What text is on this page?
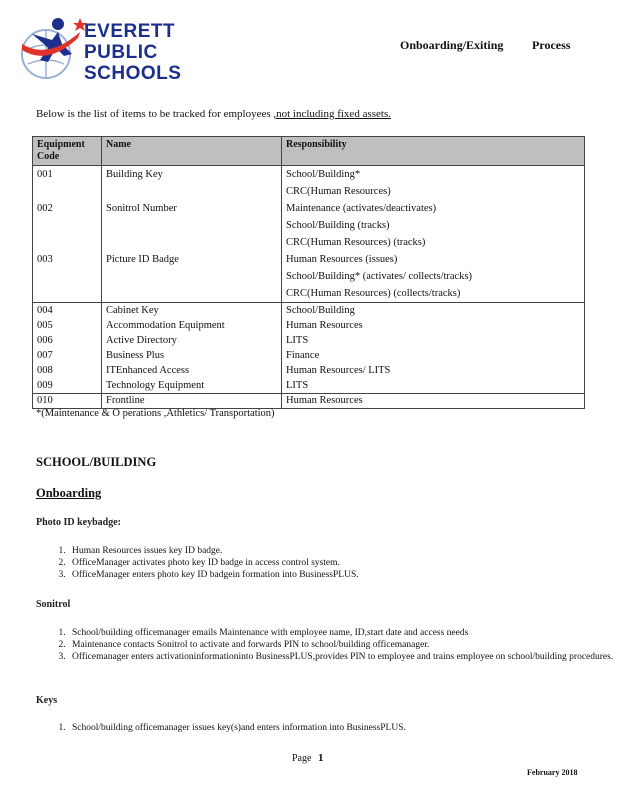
EVERETT
PUBLIC
SCHOOLS
Onboarding/Exiting Process
Below is the list of items to be tracked for employees ,not including fixed assets.
Equipment Code	Name	Responsibility
001	Building Key	School/Building*
		CRC(Human Resources)
002	Sonitrol Number	Maintenance (activates/deactivates)
		School/Building (tracks)
		CRC(Human Resources) (tracks)
003	Picture ID Badge	Human Resources (issues)
		School/Building* (activates/ collects/tracks)
		CRC(Human Resources) (collects/tracks)
004	Cabinet Key	School/Building
005	Accommodation Equipment	Human Resources
006	Active Directory	LITS
007	Business Plus	Finance
008	ITEnhanced Access	Human Resources/ LITS
009	Technology Equipment	LITS
010	Frontline	Human Resources
*(Maintenance & O perations ,Athletics/ Transportation)
SCHOOL/BUILDING
Onboarding
Photo ID keybadge:
1. Human Resources issues key ID badge.
2. OfficeManager activates photo key ID badge in access control system.
3. OfficeManager enters photo key ID badgein formation into BusinessPLUS.
Sonitrol
1. School/building officemanager emails Maintenance with employee name, ID,start date and access needs
2. Maintenance contacts Sonitrol to activate and forwards PIN to school/building officemanager.
3. Officemanager enters activationinformationinto BusinessPLUS,provides PIN to employee and trains employee on school/building procedures.
Keys
1. School/building officemanager issues key(s)and enters information into BusinessPLUS.
Page 1
February 2018
